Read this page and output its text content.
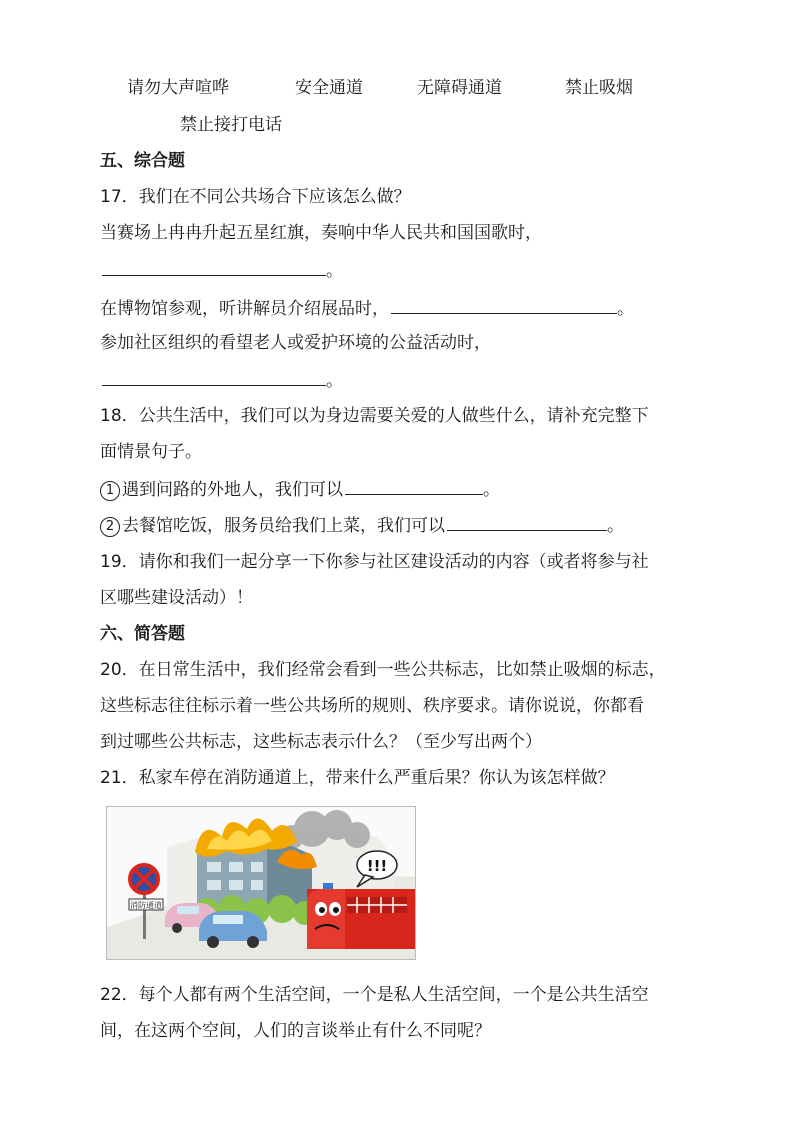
请勿大声喧哗	安全通道	无障碍通道	禁止吸烟
禁止接打电话
五、综合题
17．我们在不同公共场合下应该怎么做？
当赛场上冉冉升起五星红旗，奏响中华人民共和国国歌时，
。
在博物馆参观，听讲解员介绍展品时，	。
参加社区组织的看望老人或爱护环境的公益活动时，
。
18．公共生活中，我们可以为身边需要关爱的人做些什么，请补充完整下
面情景句子。
1 遇到问路的外地人，我们可以	。
2 去餐馆吃饭，服务员给我们上菜，我们可以	。
19．请你和我们一起分享一下你参与社区建设活动的内容（或者将参与社
区哪些建设活动）！
六、简答题
20．在日常生活中，我们经常会看到一些公共标志，比如禁止吸烟的标志，
这些标志往往标示着一些公共场所的规则、秩序要求。请你说说，你都看
到过哪些公共标志，这些标志表示什么？（至少写出两个）
21．私家车停在消防通道上，带来什么严重后果？你认为该怎样做？
消防通道
!!!
22．每个人都有两个生活空间，一个是私人生活空间，一个是公共生活空
间，在这两个空间，人们的言谈举止有什么不同呢？
